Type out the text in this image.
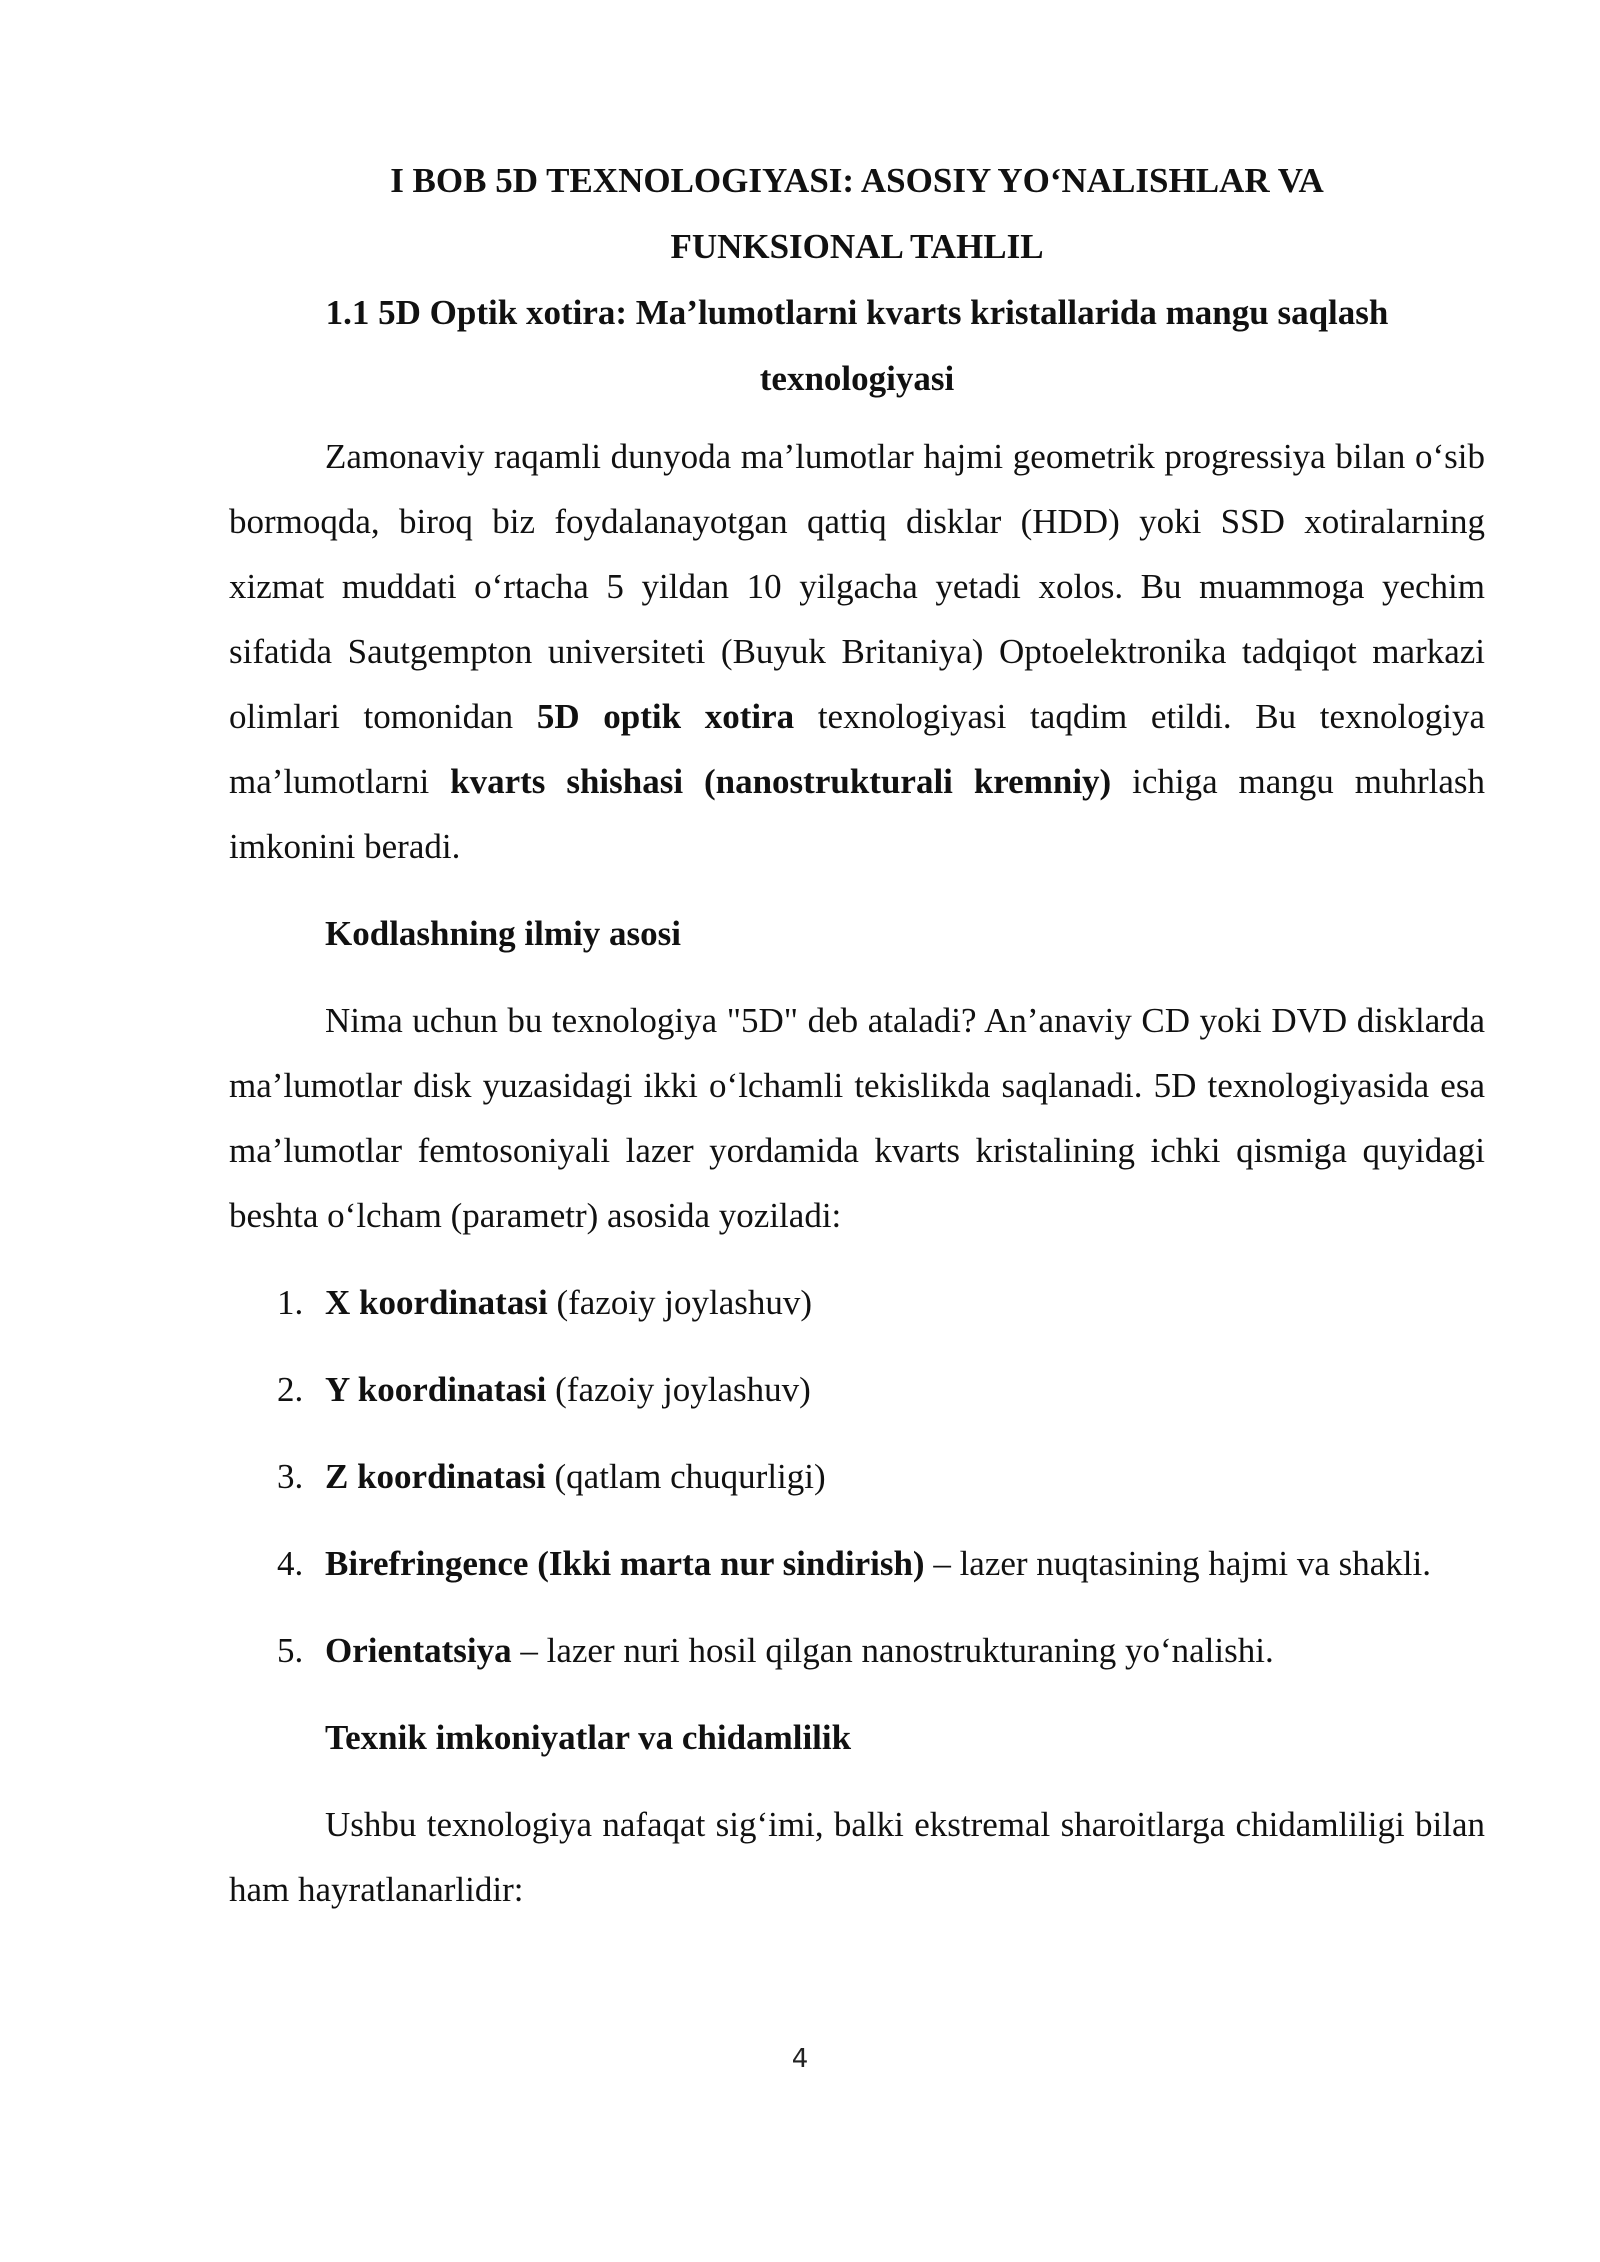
I BOB 5D TEXNOLOGIYASI: ASOSIY YO‘NALISHLAR VA FUNKSIONAL TAHLIL
1.1 5D Optik xotira: Ma’lumotlarni kvarts kristallarida mangu saqlash texnologiyasi

Zamonaviy raqamli dunyoda ma’lumotlar hajmi geometrik progressiya bilan o‘sib bormoqda, biroq biz foydalanayotgan qattiq disklar (HDD) yoki SSD xotiralarning xizmat muddati o‘rtacha 5 yildan 10 yilgacha yetadi xolos. Bu muammoga yechim sifatida Sautgempton universiteti (Buyuk Britaniya) Optoelektronika tadqiqot markazi olimlari tomonidan 5D optik xotira texnologiyasi taqdim etildi. Bu texnologiya ma’lumotlarni kvarts shishasi (nanostrukturali kremniy) ichiga mangu muhrlash imkonini beradi.

Kodlashning ilmiy asosi

Nima uchun bu texnologiya "5D" deb ataladi? An’anaviy CD yoki DVD disklarda ma’lumotlar disk yuzasidagi ikki o‘lchamli tekislikda saqlanadi. 5D texnologiyasida esa ma’lumotlar femtosoniyali lazer yordamida kvarts kristalining ichki qismiga quyidagi beshta o‘lcham (parametr) asosida yoziladi:

1. X koordinatasi (fazoiy joylashuv)
2. Y koordinatasi (fazoiy joylashuv)
3. Z koordinatasi (qatlam chuqurligi)
4. Birefringence (Ikki marta nur sindirish) – lazer nuqtasining hajmi va shakli.
5. Orientatsiya – lazer nuri hosil qilgan nanostrukturaning yo‘nalishi.

Texnik imkoniyatlar va chidamlilik

Ushbu texnologiya nafaqat sig‘imi, balki ekstremal sharoitlarga chidamliligi bilan ham hayratlanarlidir:

4
